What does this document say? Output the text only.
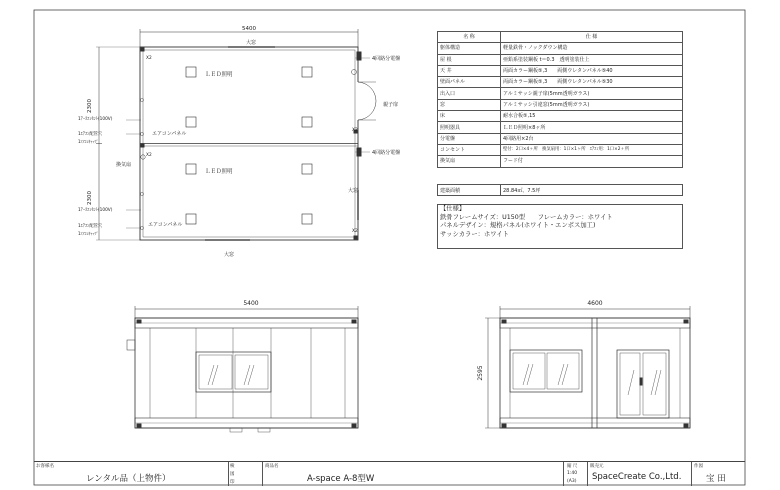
5400
大窓
大窓
大窓
4回路分電盤
4回路分電盤
親子扉
換気扇
ＬＥＤ照明
ＬＥＤ照明
エアコンパネル
エアコンパネル
1ｱｰｽｺﾝｾﾝﾄ(100V)
1ｴｱｺﾝ配管穴
1ｴｱｺﾝｷｬｯﾌﾟ
1ｱｰｽｺﾝｾﾝﾄ(100V)
1ｴｱｺﾝ配管穴
1ｴｱｺﾝｷｬｯﾌﾟ
2300
2300
X2
X2
X2
X2
5400	4600
2595
名 称	仕 様
躯体構造	軽量鉄骨・ノックダウン構造
屋 根	亜鉛系塗装鋼板 t＝0.3　透明塗装仕上
天 井	両面カラー鋼板⑤,3　　両側ウレタンパネル⑤40
壁面パネル	両面カラー鋼板⑤,3　　両側ウレタンパネル⑤30
出入口	アルミサッシ親子扉(5mm透明ガラス)
窓	アルミサッシ引違窓(5mm透明ガラス)
床	耐水合板⑤,15
照明器具	ＬＥＤ照明×8ヶ所
分電盤	4回路用×2台
コンセント	壁付：2口×4ヶ所　換気扇用：1口×1ヶ所　ｴｱｺﾝ用：1口×2ヶ所
換気扇	フード付
建築面積	28.84㎡、7.5坪
【仕様】
鉄骨フレームサイズ：U150型　　フレームカラー：ホワイト
パネルデザイン：規格パネル(ホワイト・エンボス加工)
サッシカラー：ホワイト
お客様名
レンタル品（上物件）
検
図
印
商品名
A-space A-8型W
縮 尺
1:40
(A3)
販売元
SpaceCreate Co.,Ltd.
作図
宝 田
